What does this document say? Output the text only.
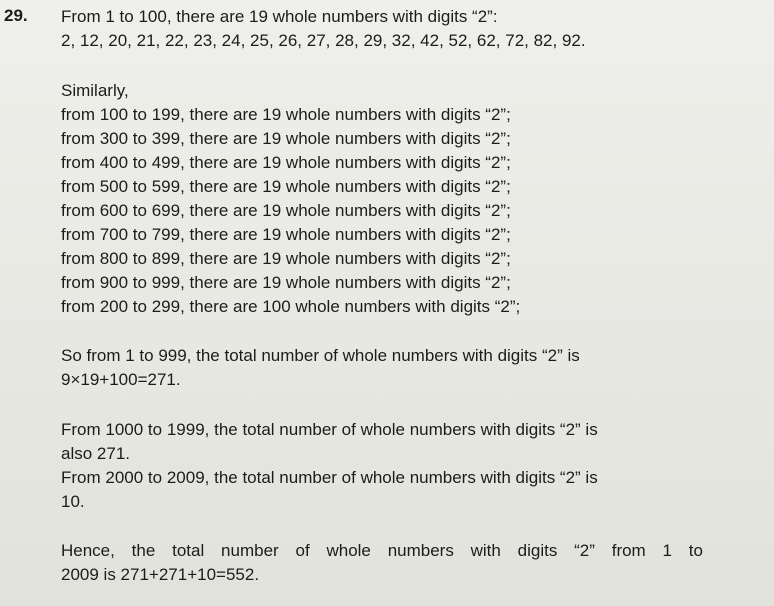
29. From 1 to 100, there are 19 whole numbers with digits “2”:
2, 12, 20, 21, 22, 23, 24, 25, 26, 27, 28, 29, 32, 42, 52, 62, 72, 82, 92.
Similarly,
from 100 to 199, there are 19 whole numbers with digits “2”;
from 300 to 399, there are 19 whole numbers with digits “2”;
from 400 to 499, there are 19 whole numbers with digits “2”;
from 500 to 599, there are 19 whole numbers with digits “2”;
from 600 to 699, there are 19 whole numbers with digits “2”;
from 700 to 799, there are 19 whole numbers with digits “2”;
from 800 to 899, there are 19 whole numbers with digits “2”;
from 900 to 999, there are 19 whole numbers with digits “2”;
from 200 to 299, there are 100 whole numbers with digits “2”;
So from 1 to 999, the total number of whole numbers with digits “2” is
9×19+100=271.
From 1000 to 1999, the total number of whole numbers with digits “2” is
also 271.
From 2000 to 2009, the total number of whole numbers with digits “2” is
10.
Hence, the total number of whole numbers with digits “2” from 1 to
2009 is 271+271+10=552.
